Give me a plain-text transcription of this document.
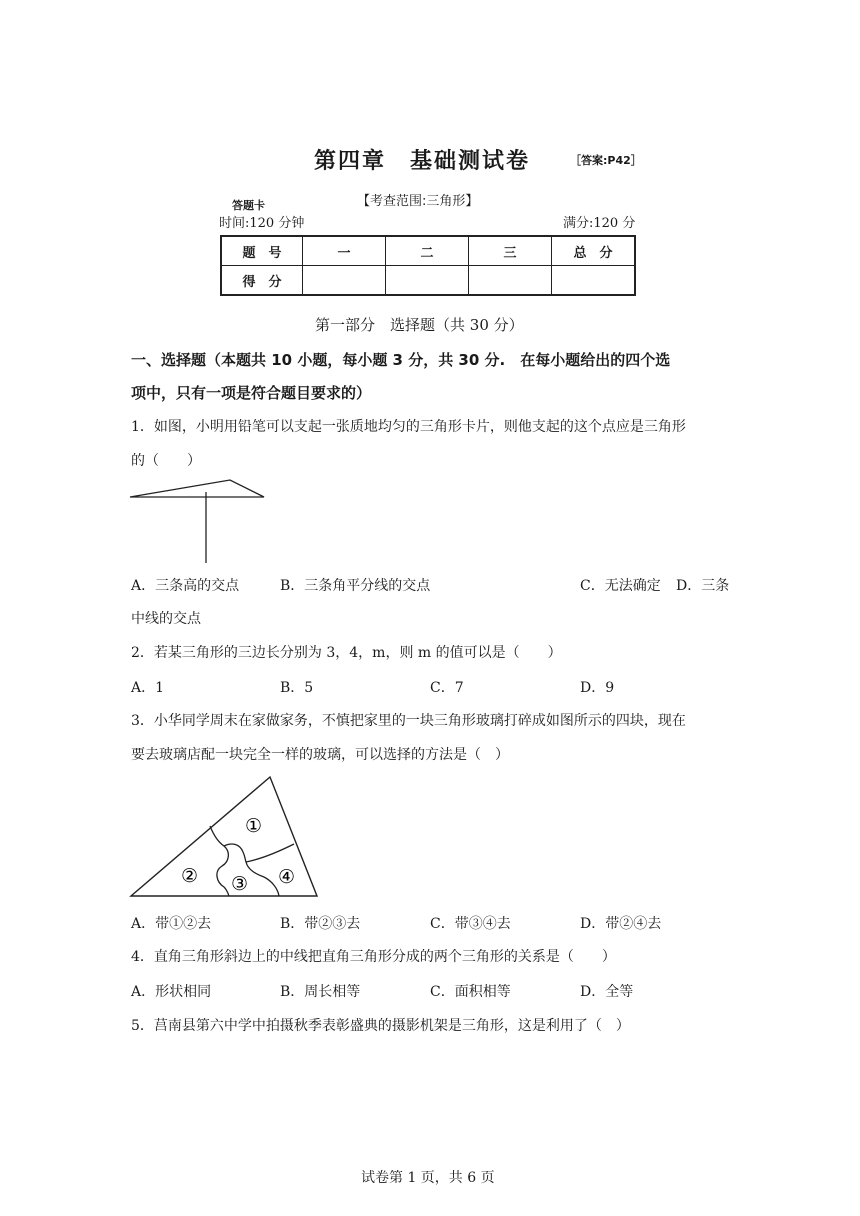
第四章　基础测试卷	［答案:P42］
【考查范围:三角形】
答题卡
时间:120 分钟	满分:120 分
题　号	一	二	三	总　分
得　分				
第一部分　选择题（共 30 分）
一、选择题（本题共 10 小题，每小题 3 分，共 30 分.　在每小题给出的四个选
项中，只有一项是符合题目要求的）
1．如图，小明用铅笔可以支起一张质地均匀的三角形卡片，则他支起的这个点应是三角形
的（　　）
A．三条高的交点	B．三条角平分线的交点	C．无法确定 D．三条
中线的交点
2．若某三角形的三边长分别为 3，4，m，则 m 的值可以是（　　）
A．1	B．5	C．7	D．9
3．小华同学周末在家做家务，不慎把家里的一块三角形玻璃打碎成如图所示的四块，现在
要去玻璃店配一块完全一样的玻璃，可以选择的方法是（　）
①
② ③ ④
A．带①②去	B．带②③去	C．带③④去	D．带②④去
4．直角三角形斜边上的中线把直角三角形分成的两个三角形的关系是（　　）
A．形状相同	B．周长相等	C．面积相等	D．全等
5．莒南县第六中学中拍摄秋季表彰盛典的摄影机架是三角形，这是利用了（　）
试卷第 1 页，共 6 页
